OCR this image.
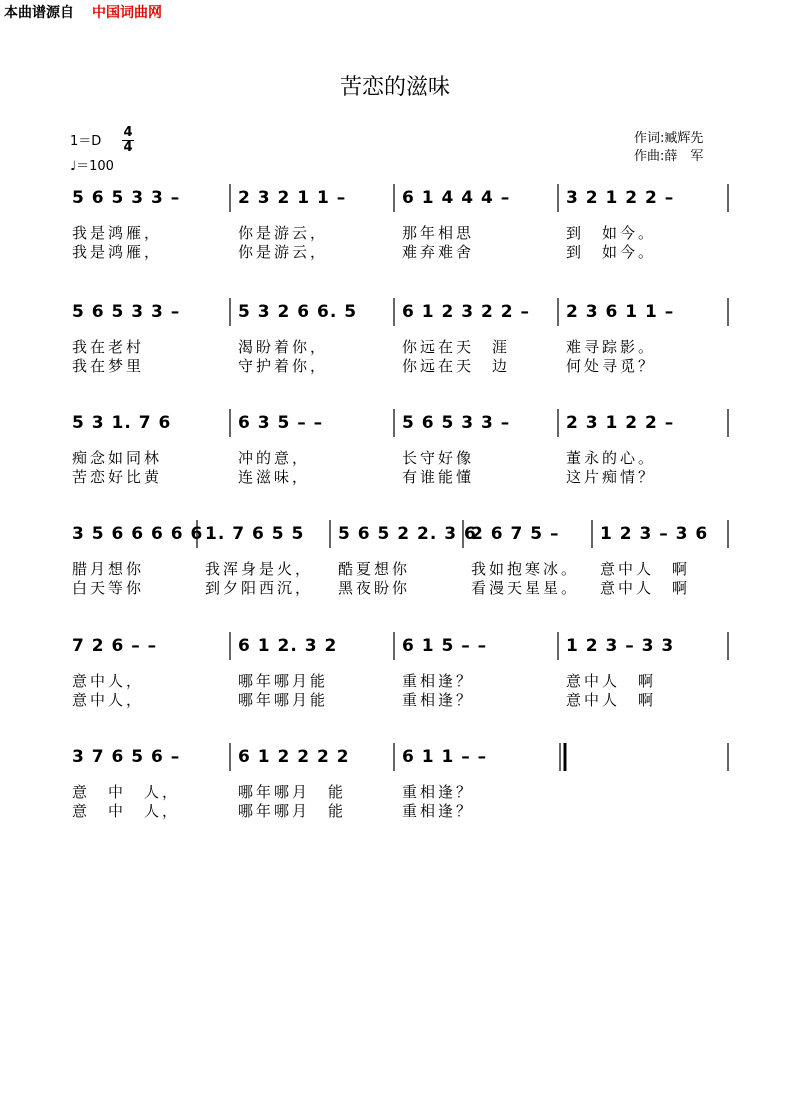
本曲谱源自 中国词曲网
苦恋的滋味
1＝D
4
4
♩＝100
作词:臧辉先
作曲:薛　军
5 6 5 3 3 –
我是鸿雁，
我是鸿雁，
2 3 2 1 1 –
你是游云，
你是游云，
6 1 4 4 4 –
那年相思
难弃难舍
3 2 1 2 2 –
到　如今。
到　如今。
5 6 5 3 3 –
我在老村
我在梦里
5 3 2 6 6. 5
渴盼着你，
守护着你，
6 1 2 3 2 2 –
你远在天　涯
你远在天　边
2 3 6 1 1 –
难寻踪影。
何处寻觅？
5 3 1. 7 6
痴念如同林
苦恋好比黄
6 3 5 – –
冲的意，
连滋味，
5 6 5 3 3 –
长守好像
有谁能懂
2 3 1 2 2 –
董永的心。
这片痴情？
3 5 6 6 6 6 6
腊月想你
白天等你
1. 7 6 5 5
我浑身是火，
到夕阳西沉，
5 6 5 2 2. 3 6
酷夏想你
黑夜盼你
2 6 7 5 –
我如抱寒冰。
看漫天星星。
1 2 3 – 3 6
意中人　啊
意中人　啊
7 2 6 – –
意中人，
意中人，
6 1 2. 3 2
哪年哪月能
哪年哪月能
6 1 5 – –
重相逢？
重相逢？
1 2 3 – 3 3
意中人　啊
意中人　啊
3 7 6 5 6 –
意　中　人，
意　中　人，
6 1 2 2 2 2
哪年哪月　能
哪年哪月　能
6 1 1 – –
重相逢？
重相逢？
